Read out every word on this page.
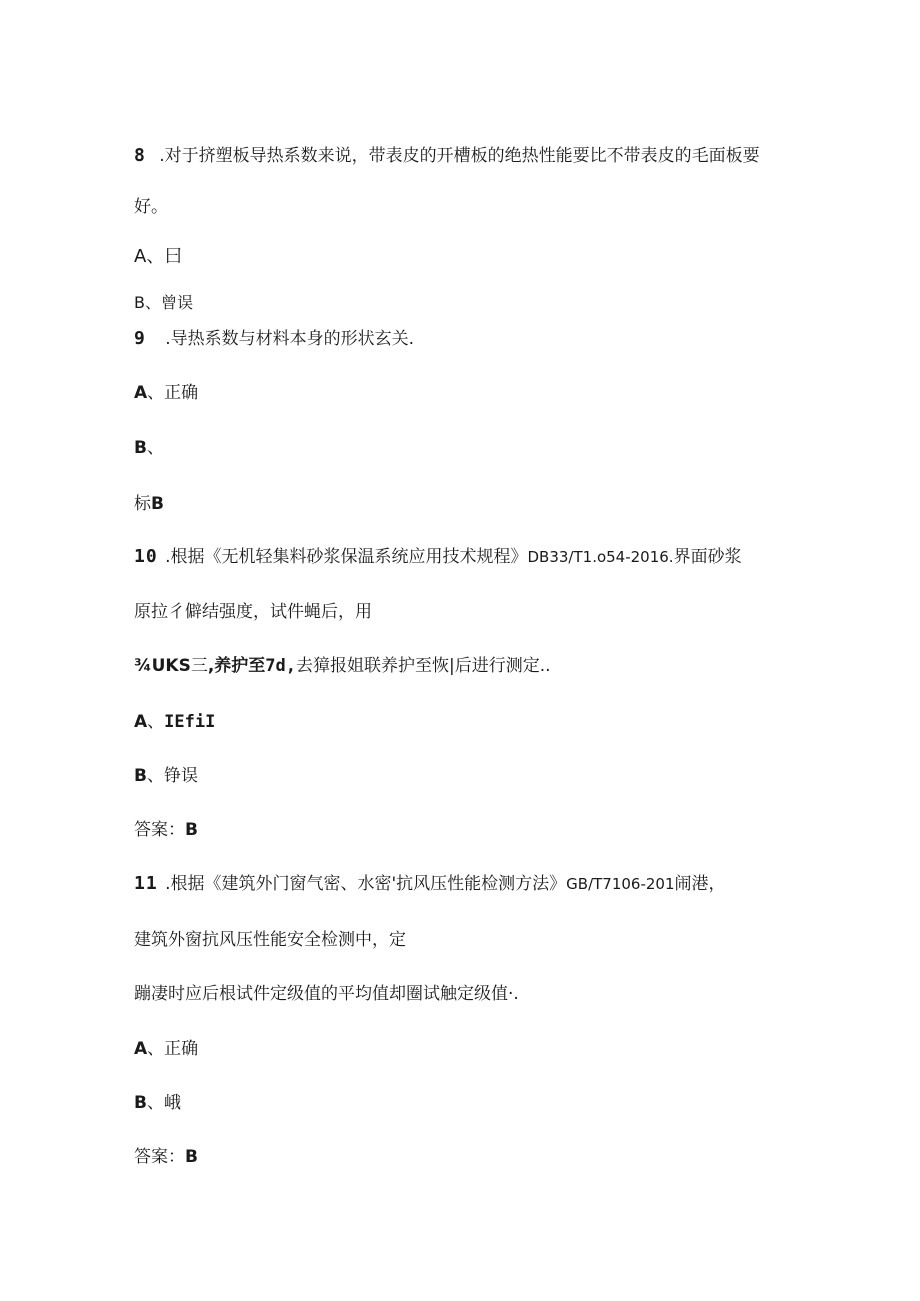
8 .对于挤塑板导热系数来说，带表皮的开槽板的绝热性能要比不带表皮的毛面板要
好。
A、曰
B、曾误
9 .导热系数与材料本身的形状玄关.
A、正确
B、
标B
10 .根据《无机轻集料砂浆保温系统应用技术规程》DB33∕T1.o54-2016.界面砂浆
原拉彳僻结强度，试件蝇后，用
¾UKS三,养护至7d,去獐报姐联养护至恢|后进行测定..
A、IEfiI
B、铮误
答案：B
11 .根据《建筑外门窗气密、水密'抗风压性能检测方法》GB/T7106-201闹港，
建筑外窗抗风压性能安全检测中，定
蹦凄时应后根试件定级值的平均值却圈试触定级值·.
A、正确
B、峨
答案：B
